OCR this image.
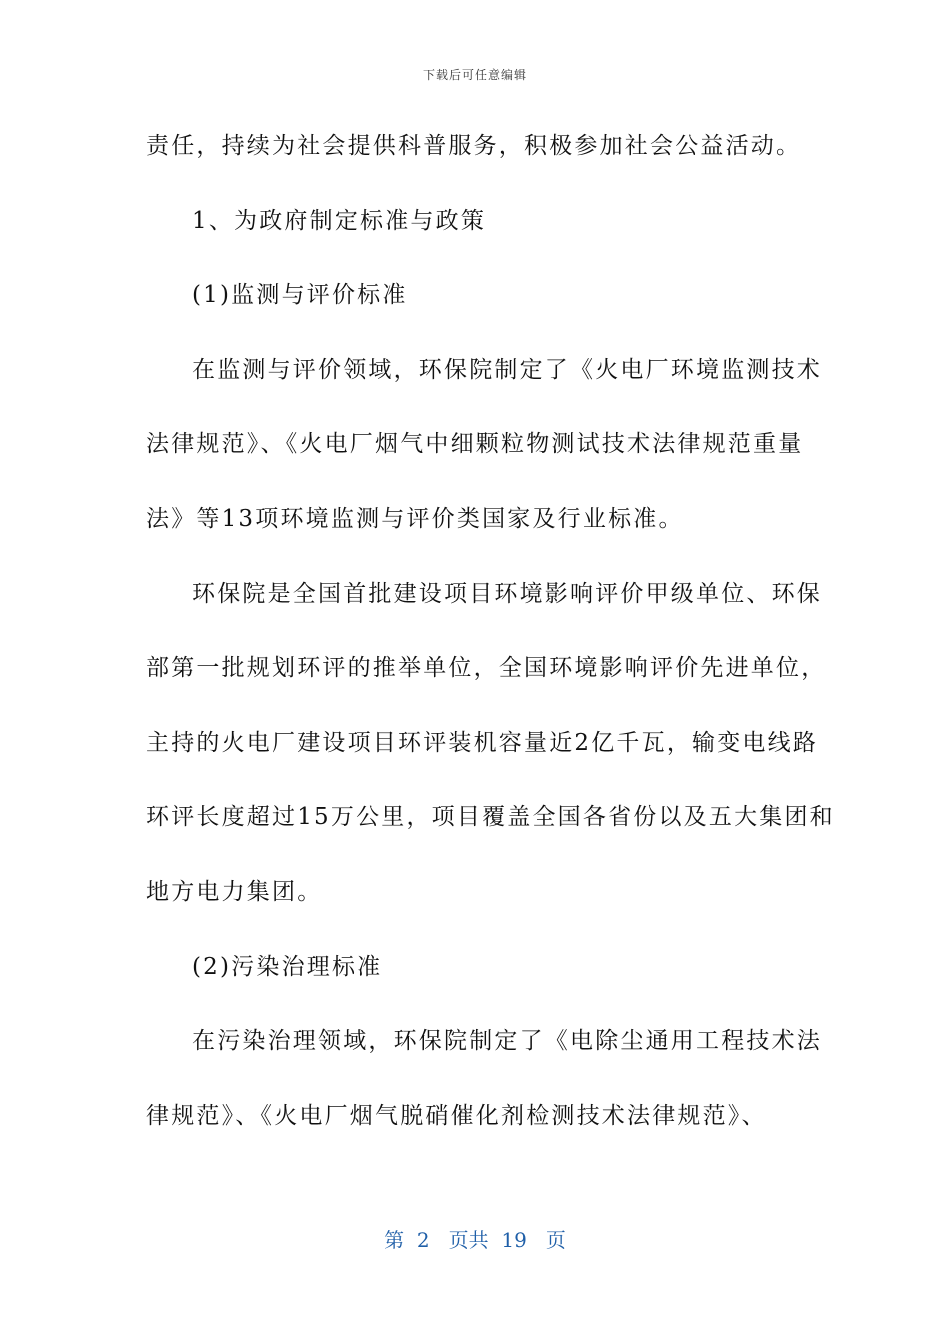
下载后可任意编辑
责任，持续为社会提供科普服务，积极参加社会公益活动。
1、为政府制定标准与政策
(1)监测与评价标准
在监测与评价领域，环保院制定了《火电厂环境监测技术
法律规范》、《火电厂烟气中细颗粒物测试技术法律规范重量
法》等13项环境监测与评价类国家及行业标准。
环保院是全国首批建设项目环境影响评价甲级单位、环保
部第一批规划环评的推举单位，全国环境影响评价先进单位，
主持的火电厂建设项目环评装机容量近2亿千瓦，输变电线路
环评长度超过15万公里，项目覆盖全国各省份以及五大集团和
地方电力集团。
(2)污染治理标准
在污染治理领域，环保院制定了《电除尘通用工程技术法
律规范》、《火电厂烟气脱硝催化剂检测技术法律规范》、
第  2   页共  19   页
